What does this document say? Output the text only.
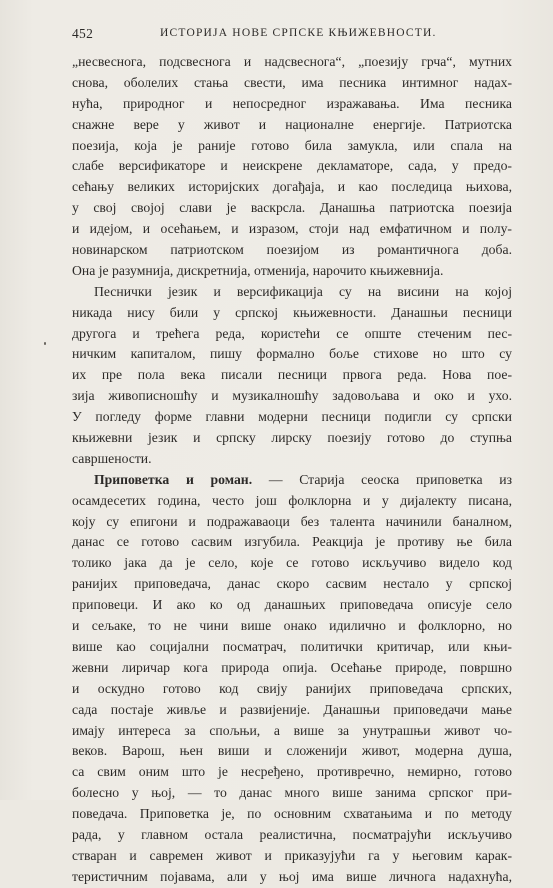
452	ИСТОРИЈА НОВЕ СРПСКЕ КЊИЖЕВНОСТИ.
„несвеснога, подсвеснога и надсвеснога“, „поезију грча“, мутних
снова, оболелих стања свести, има песника интимног надах-
нућа, природног и непосредног изражавања. Има песника
снажне вере у живот и националне енергије. Патриотска
поезија, која је раније готово била замукла, или спала на
слабе версификаторе и неискрене декламаторе, сада, у предо-
сећању великих историјских догађаја, и као последица њихова,
у свој својој слави је васкрсла. Данашња патриотска поезија
и идејом, и осећањем, и изразом, стоји над емфатичном и полу-
новинарском патриотском поезијом из романтичнога доба.
Она је разумнија, дискретнија, отменија, нарочито књижевнија.
Песнички језик и версификација су на висини на којој
никада нису били у српској књижевности. Данашњи песници
другога и трећега реда, користећи се опште стеченим пес-
ничким капиталом, пишу формално боље стихове но што су
их пре пола века писали песници првога реда. Нова пое-
зија живописношћу и музикалношћу задовољава и око и ухо.
У погледу форме главни модерни песници подигли су српски
књижевни језик и српску лирску поезију готово до ступња
савршености.
Приповетка и роман. — Старија сеоска приповетка из
осамдесетих година, често још фолклорна и у дијалекту писана,
коју су епигони и подражаваоци без талента начинили баналном,
данас се готово сасвим изгубила. Реакција је противу ње била
толико јака да је село, које се готово искључиво видело код
ранијих приповедача, данас скоро сасвим нестало у српској
приповеци. И ако ко од данашњих приповедача описује село
и сељаке, то не чини више онако идилично и фолклорно, но
више као социјални посматрач, политички критичар, или књи-
жевни лиричар кога природа опија. Осећање природе, површно
и оскудно готово код свију ранијих приповедача српских,
сада постаје живље и развијеније. Данашњи приповедачи мање
имају интереса за спољњи, а више за унутрашњи живот чо-
веков. Варош, њен виши и сложенији живот, модерна душа,
са свим оним што је несређено, противречно, немирно, готово
болесно у њој, — то данас много више занима српског при-
поведача. Приповетка је, по основним схватањима и по методу
рада, у главном остала реалистична, посматрајући искључиво
стваран и савремен живот и приказујући га у његовим карак-
теристичним појавама, али у њој има више личнога надахнућа,
